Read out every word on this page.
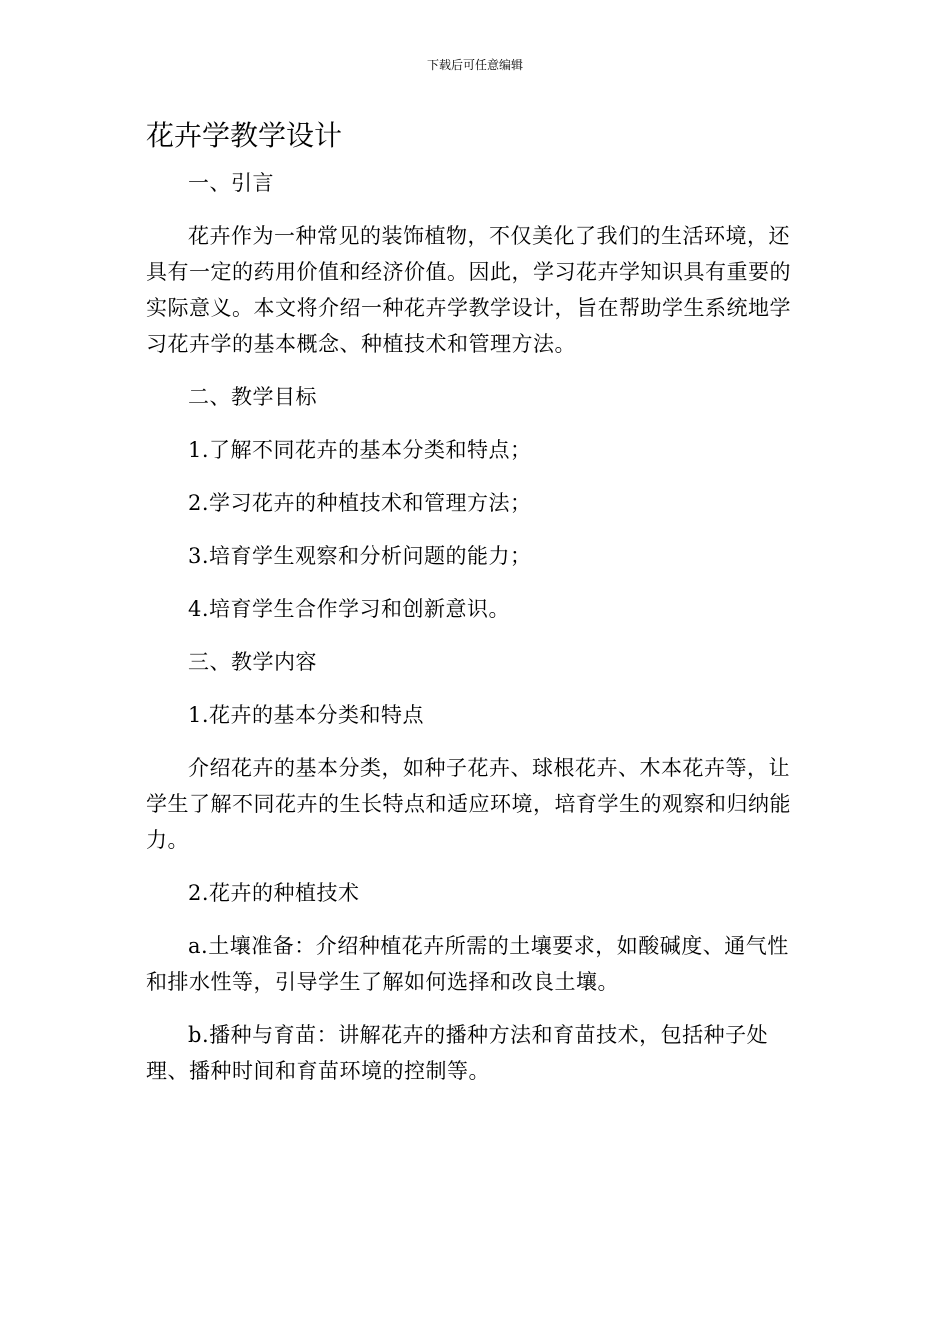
下载后可任意编辑
花卉学教学设计

一、引言

花卉作为一种常见的装饰植物，不仅美化了我们的生活环境，还具有一定的药用价值和经济价值。因此，学习花卉学知识具有重要的实际意义。本文将介绍一种花卉学教学设计，旨在帮助学生系统地学习花卉学的基本概念、种植技术和管理方法。

二、教学目标

1.了解不同花卉的基本分类和特点；

2.学习花卉的种植技术和管理方法；

3.培育学生观察和分析问题的能力；

4.培育学生合作学习和创新意识。

三、教学内容

1.花卉的基本分类和特点

介绍花卉的基本分类，如种子花卉、球根花卉、木本花卉等，让学生了解不同花卉的生长特点和适应环境，培育学生的观察和归纳能力。

2.花卉的种植技术

a.土壤准备：介绍种植花卉所需的土壤要求，如酸碱度、通气性和排水性等，引导学生了解如何选择和改良土壤。

b.播种与育苗：讲解花卉的播种方法和育苗技术，包括种子处理、播种时间和育苗环境的控制等。
